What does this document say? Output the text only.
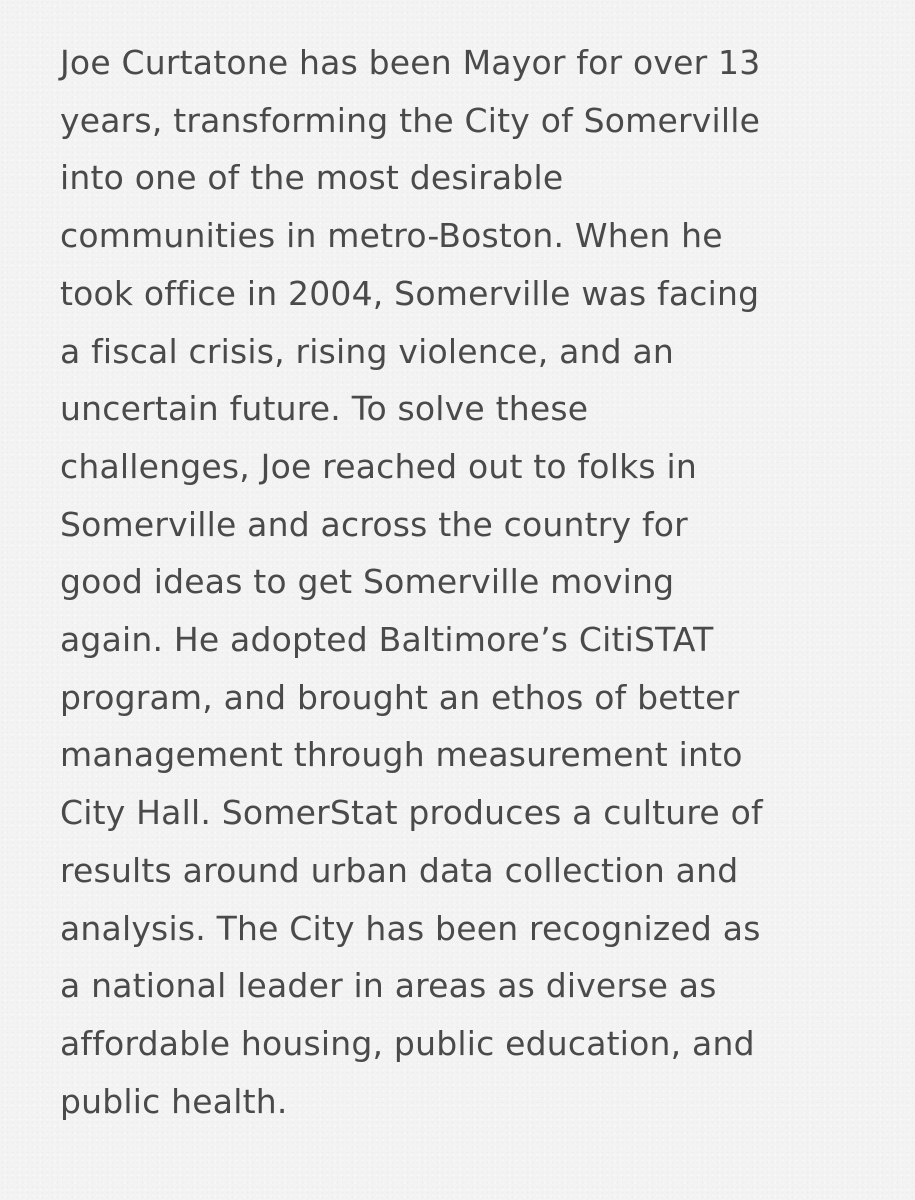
Joe Curtatone has been Mayor for over 13
years, transforming the City of Somerville
into one of the most desirable
communities in metro-Boston. When he
took office in 2004, Somerville was facing
a fiscal crisis, rising violence, and an
uncertain future. To solve these
challenges, Joe reached out to folks in
Somerville and across the country for
good ideas to get Somerville moving
again. He adopted Baltimore’s CitiSTAT
program, and brought an ethos of better
management through measurement into
City Hall. SomerStat produces a culture of
results around urban data collection and
analysis. The City has been recognized as
a national leader in areas as diverse as
affordable housing, public education, and
public health.
